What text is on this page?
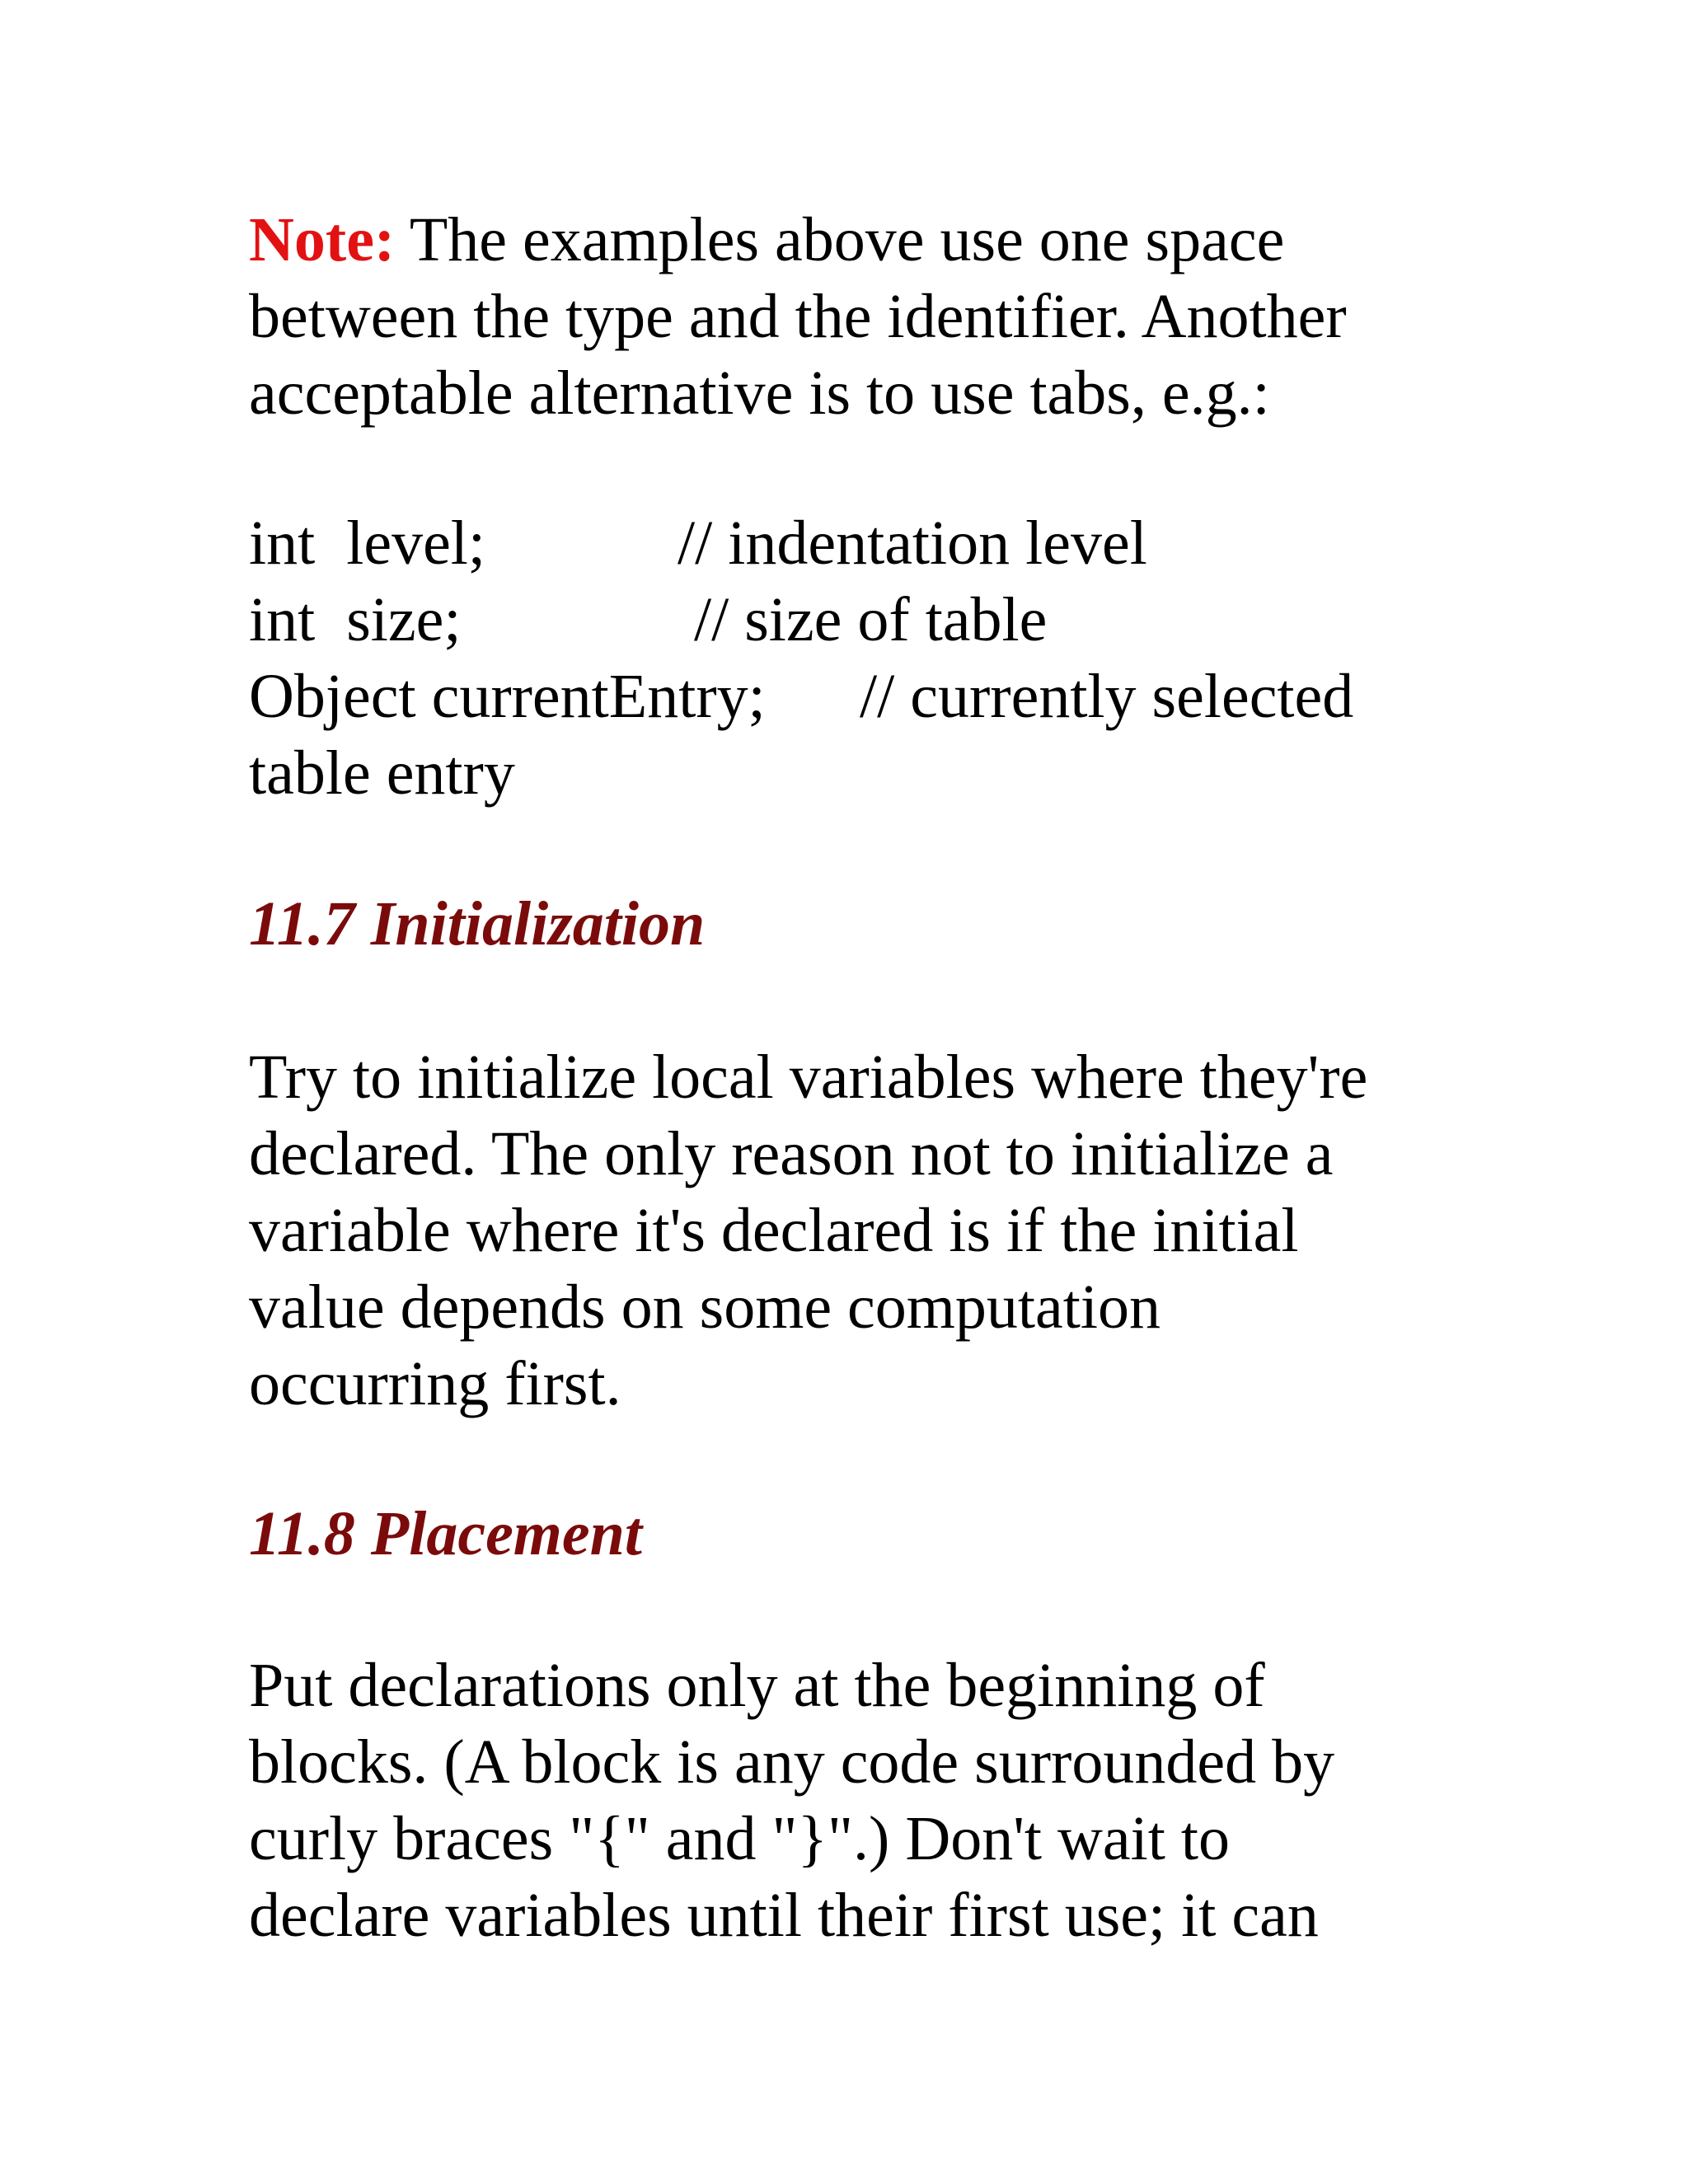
Note: The examples above use one space
between the type and the identifier. Another
acceptable alternative is to use tabs, e.g.:
int  level;	// indentation level
int  size;	// size of table
Object currentEntry; // currently selected
table entry
11.7 Initialization
Try to initialize local variables where they're
declared. The only reason not to initialize a
variable where it's declared is if the initial
value depends on some computation
occurring first.
11.8 Placement
Put declarations only at the beginning of
blocks. (A block is any code surrounded by
curly braces "{" and "}".) Don't wait to
declare variables until their first use; it can
